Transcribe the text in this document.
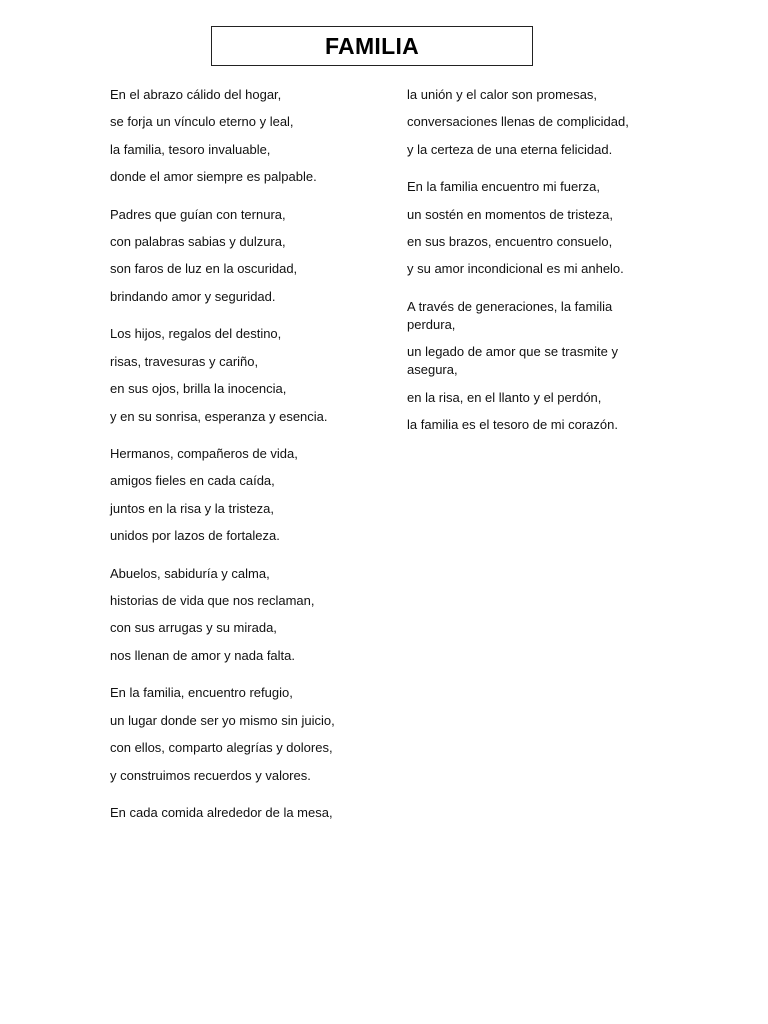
FAMILIA
En el abrazo cálido del hogar,
se forja un vínculo eterno y leal,
la familia, tesoro invaluable,
donde el amor siempre es palpable.
Padres que guían con ternura,
con palabras sabias y dulzura,
son faros de luz en la oscuridad,
brindando amor y seguridad.
Los hijos, regalos del destino,
risas, travesuras y cariño,
en sus ojos, brilla la inocencia,
y en su sonrisa, esperanza y esencia.
Hermanos, compañeros de vida,
amigos fieles en cada caída,
juntos en la risa y la tristeza,
unidos por lazos de fortaleza.
Abuelos, sabiduría y calma,
historias de vida que nos reclaman,
con sus arrugas y su mirada,
nos llenan de amor y nada falta.
En la familia, encuentro refugio,
un lugar donde ser yo mismo sin juicio,
con ellos, comparto alegrías y dolores,
y construimos recuerdos y valores.
En cada comida alrededor de la mesa,
la unión y el calor son promesas,
conversaciones llenas de complicidad,
y la certeza de una eterna felicidad.
En la familia encuentro mi fuerza,
un sostén en momentos de tristeza,
en sus brazos, encuentro consuelo,
y su amor incondicional es mi anhelo.
A través de generaciones, la familia perdura,
un legado de amor que se trasmite y asegura,
en la risa, en el llanto y el perdón,
la familia es el tesoro de mi corazón.
